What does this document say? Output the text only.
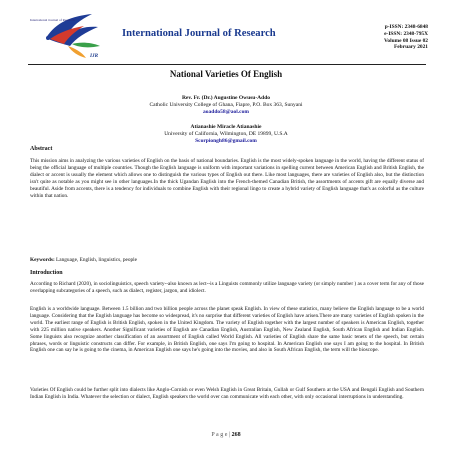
International Journal of Research
IJR
International Journal of Research
p-ISSN: 2348-6848
e-ISSN: 2348-795X
Volume 08 Issue 02
February 2021
National Varieties Of English
Rev. Fr. (Dr.) Augustine Owusu-Addo
Catholic University College of Ghana, Fiapre, P.O. Box 363, Sunyani
aoaddo58@aol.com
Atianashie Miracle Atianashie
University of California, Wilmington, DE 19899, U.S.A
Scorpiongh86@gmail.com
Abstract

This mission aims in analyzing the various varieties of English on the basis of national boundaries. English is the most widely-spoken language in the world, having the different status of being the official language of multiple countries. Though the English language is uniform with important variations in spelling current between American English and British English, the dialect or accent is usually the element which allows one to distinguish the various types of English out there. Like most languages, there are varieties of English also, but the distinction isn't quite as notable as you might see in other languages.In the thick Ugandan English into the French-themed Canadian British, the assortments of accents gift are equally diverse and beautiful. Aside from accents, there is a tendency for individuals to combine English with their regional lingo to create a hybrid variety of English language that's as colorful as the culture within that nation.

Keywords: Language, English, linguistics, people
Introduction

According to Richard (2020), in sociolinguistics, speech variety--also known as lect--is a Linguists commonly utilize language variety (or simply number ) as a cover term for any of those overlapping subcategories of a speech, such as dialect, register, jargon, and idiolect.

English is a worldwide language. Between 1.5 billion and two billion people across the planet speak English. In view of these statistics, many believe the English language to be a world language. Considering that the English language has become so widespread, it's no surprise that different varieties of English have arisen.There are many varieties of English spoken in the world. The earliest range of English is British English, spoken in the United Kingdom. The variety of English together with the largest number of speakers is American English, together with 225 million native speakers. Another Significant varieties of English are Canadian English, Australian English, New Zealand English, South African English and Indian English. Some linguists also recognize another classification of an assortment of English called World English. All varieties of English share the same basic tenets of the speech, but certain phrases, words or linguistic constructs can differ. For example, in British English, one says I'm going to hospital. In American English one says I am going to the hospital. In British English one can say he is going to the cinema, in American English one says he's going into the movies, and also in South African English, the term will the bioscope.

Varieties Of English could be further split into dialects like Anglo-Cornish or even Welsh English in Great Britain, Gullah or Gulf Southern at the USA and Bengali English and Southern Indian English in India. Whatever the selection or dialect, English speakers the world over can communicate with each other, with only occasional interruptions in understanding.

P a g e | 268
